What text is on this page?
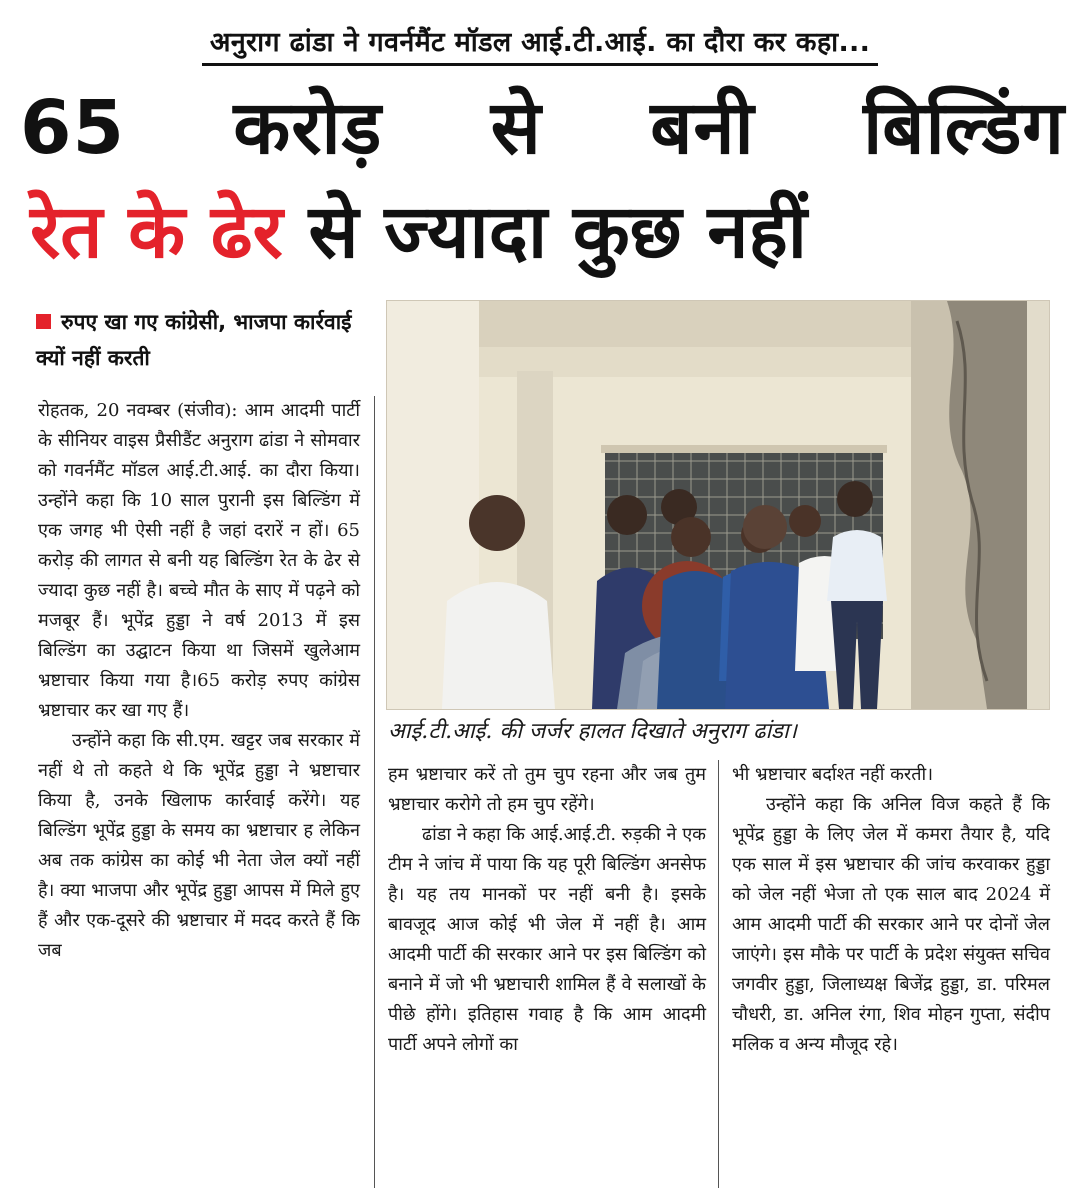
अनुराग ढांडा ने गवर्नमैंट मॉडल आई.टी.आई. का दौरा कर कहा...
65 करोड़ से बनी बिल्डिंग
रेत के ढेर से ज्यादा कुछ नहीं
रुपए खा गए कांग्रेसी, भाजपा कार्रवाई क्यों नहीं करती

रोहतक, 20 नवम्बर (संजीव): आम आदमी पार्टी के सीनियर वाइस प्रैसीडैंट अनुराग ढांडा ने सोमवार को गवर्नमैंट मॉडल आई.टी.आई. का दौरा किया। उन्होंने कहा कि 10 साल पुरानी इस बिल्डिंग में एक जगह भी ऐसी नहीं है जहां दरारें न हों। 65 करोड़ की लागत से बनी यह बिल्डिंग रेत के ढेर से ज्यादा कुछ नहीं है। बच्चे मौत के साए में पढ़ने को मजबूर हैं। भूपेंद्र हुड्डा ने वर्ष 2013 में इस बिल्डिंग का उद्घाटन किया था जिसमें खुलेआम भ्रष्टाचार किया गया है।65 करोड़ रुपए कांग्रेस भ्रष्टाचार कर खा गए हैं।

उन्होंने कहा कि सी.एम. खट्टर जब सरकार में नहीं थे तो कहते थे कि भूपेंद्र हुड्डा ने भ्रष्टाचार किया है, उनके खिलाफ कार्रवाई करेंगे। यह बिल्डिंग भूपेंद्र हुड्डा के समय का भ्रष्टाचार ह लेकिन अब तक कांग्रेस का कोई भी नेता जेल क्यों नहीं है। क्या भाजपा और भूपेंद्र हुड्डा आपस में मिले हुए हैं और एक-दूसरे की भ्रष्टाचार में मदद करते हैं कि जब

आई.टी.आई. की जर्जर हालत दिखाते अनुराग ढांडा।

हम भ्रष्टाचार करें तो तुम चुप रहना और जब तुम भ्रष्टाचार करोगे तो हम चुप रहेंगे।

ढांडा ने कहा कि आई.आई.टी. रुड़की ने एक टीम ने जांच में पाया कि यह पूरी बिल्डिंग अनसेफ है। यह तय मानकों पर नहीं बनी है। इसके बावजूद आज कोई भी जेल में नहीं है। आम आदमी पार्टी की सरकार आने पर इस बिल्डिंग को बनाने में जो भी भ्रष्टाचारी शामिल हैं वे सलाखों के पीछे होंगे। इतिहास गवाह है कि आम आदमी पार्टी अपने लोगों का

भी भ्रष्टाचार बर्दाश्त नहीं करती।

उन्होंने कहा कि अनिल विज कहते हैं कि भूपेंद्र हुड्डा के लिए जेल में कमरा तैयार है, यदि एक साल में इस भ्रष्टाचार की जांच करवाकर हुड्डा को जेल नहीं भेजा तो एक साल बाद 2024 में आम आदमी पार्टी की सरकार आने पर दोनों जेल जाएंगे। इस मौके पर पार्टी के प्रदेश संयुक्त सचिव जगवीर हुड्डा, जिलाध्यक्ष बिजेंद्र हुड्डा, डा. परिमल चौधरी, डा. अनिल रंगा, शिव मोहन गुप्ता, संदीप मलिक व अन्य मौजूद रहे।
